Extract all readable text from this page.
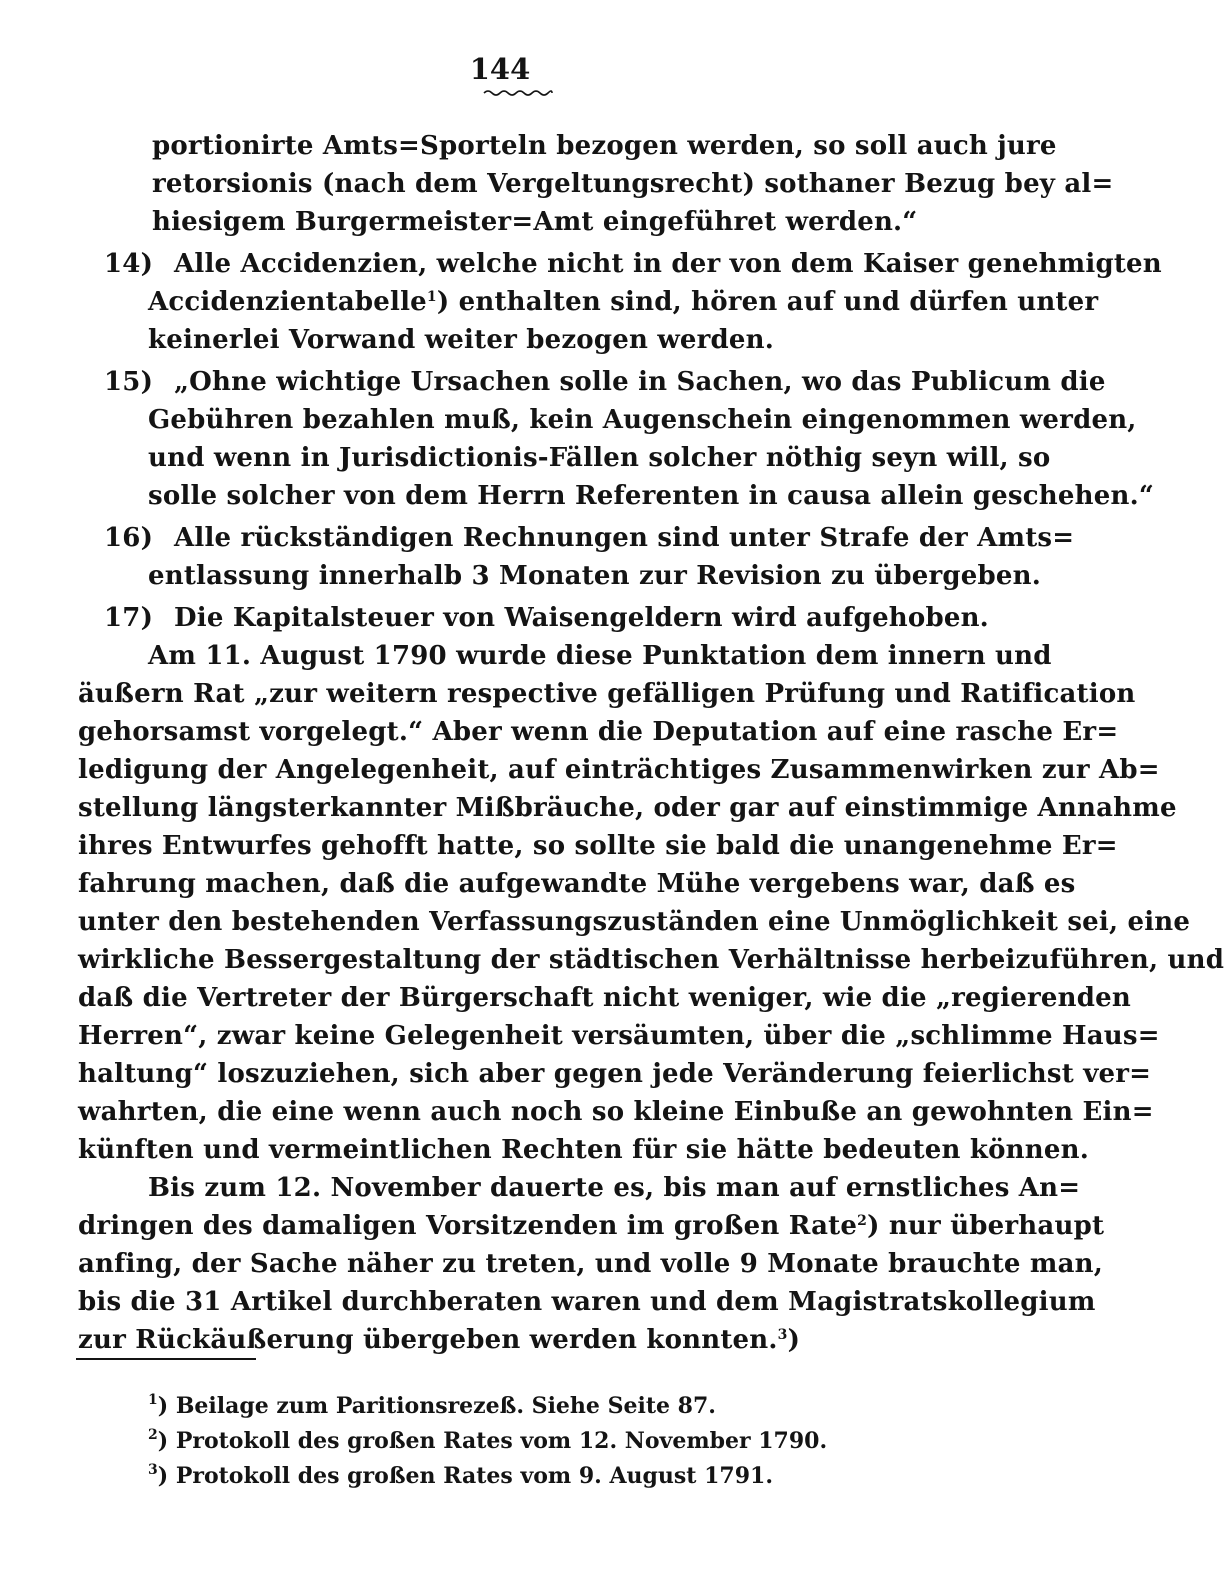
144
portionirte Amts=Sporteln bezogen werden, so soll auch jure
retorsionis (nach dem Vergeltungsrecht) sothaner Bezug bey al=
hiesigem Burgermeister=Amt eingeführet werden.“
14) Alle Accidenzien, welche nicht in der von dem Kaiser genehmigten
Accidenzientabelle$^1$) enthalten sind, hören auf und dürfen unter
keinerlei Vorwand weiter bezogen werden.
15) „Ohne wichtige Ursachen solle in Sachen, wo das Publicum die
Gebühren bezahlen muß, kein Augenschein eingenommen werden,
und wenn in Jurisdictionis-Fällen solcher nöthig seyn will, so
solle solcher von dem Herrn Referenten in causa allein geschehen.“
16) Alle rückständigen Rechnungen sind unter Strafe der Amts=
entlassung innerhalb 3 Monaten zur Revision zu übergeben.
17) Die Kapitalsteuer von Waisengeldern wird aufgehoben.
Am 11. August 1790 wurde diese Punktation dem innern und
äußern Rat „zur weitern respective gefälligen Prüfung und Ratification
gehorsamst vorgelegt.“ Aber wenn die Deputation auf eine rasche Er=
ledigung der Angelegenheit, auf einträchtiges Zusammenwirken zur Ab=
stellung längsterkannter Mißbräuche, oder gar auf einstimmige Annahme
ihres Entwurfes gehofft hatte, so sollte sie bald die unangenehme Er=
fahrung machen, daß die aufgewandte Mühe vergebens war, daß es
unter den bestehenden Verfassungszuständen eine Unmöglichkeit sei, eine
wirkliche Bessergestaltung der städtischen Verhältnisse herbeizuführen, und
daß die Vertreter der Bürgerschaft nicht weniger, wie die „regierenden
Herren“, zwar keine Gelegenheit versäumten, über die „schlimme Haus=
haltung“ loszuziehen, sich aber gegen jede Veränderung feierlichst ver=
wahrten, die eine wenn auch noch so kleine Einbuße an gewohnten Ein=
künften und vermeintlichen Rechten für sie hätte bedeuten können.
Bis zum 12. November dauerte es, bis man auf ernstliches An=
dringen des damaligen Vorsitzenden im großen Rate$^2$) nur überhaupt
anfing, der Sache näher zu treten, und volle 9 Monate brauchte man,
bis die 31 Artikel durchberaten waren und dem Magistratskollegium
zur Rückäußerung übergeben werden konnten.$^3$)
$^1$) Beilage zum Paritionsrezeß. Siehe Seite 87.
$^2$) Protokoll des großen Rates vom 12. November 1790.
$^3$) Protokoll des großen Rates vom 9. August 1791.
